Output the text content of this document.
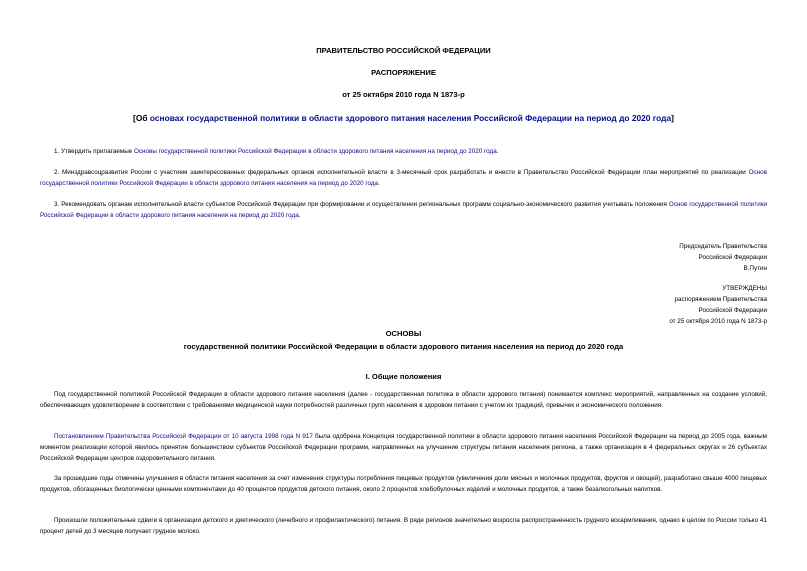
ПРАВИТЕЛЬСТВО РОССИЙСКОЙ ФЕДЕРАЦИИ
РАСПОРЯЖЕНИЕ
от 25 октября 2010 года N 1873-р
[Об основах государственной политики в области здорового питания населения Российской Федерации на период до 2020 года]
1. Утвердить прилагаемые Основы государственной политики Российской Федерации в области здорового питания населения на период до 2020 года.
2. Минздравсоцразвития России с участием заинтересованных федеральных органов исполнительной власти в 3-месячный срок разработать и внести в Правительство Российской Федерации план мероприятий по реализации Основ государственной политики Российской Федерации в области здорового питания населения на период до 2020 года.
3. Рекомендовать органам исполнительной власти субъектов Российской Федерации при формировании и осуществлении региональных программ социально-экономического развития учитывать положения Основ государственной политики Российской Федерации в области здорового питания населения на период до 2020 года.
Председатель Правительства
Российской Федерации
В.Путин
УТВЕРЖДЕНЫ
распоряжением Правительства
Российской Федерации
от 25 октября 2010 года N 1873-р
ОСНОВЫ
государственной политики Российской Федерации в области здорового питания населения на период до 2020 года
I. Общие положения
Под государственной политикой Российской Федерации в области здорового питания населения (далее - государственная политика в области здорового питания) понимается комплекс мероприятий, направленных на создание условий, обеспечивающих удовлетворение в соответствии с требованиями медицинской науки потребностей различных групп населения в здоровом питании с учетом их традиций, привычек и экономического положения.
Постановлением Правительства Российской Федерации от 10 августа 1998 года N 917 была одобрена Концепция государственной политики в области здорового питания населения Российской Федерации на период до 2005 года, важным моментом реализации которой явилось принятие большинством субъектов Российской Федерации программ, направленных на улучшение структуры питания населения региона, а также организация в 4 федеральных округах и 26 субъектах Российской Федерации центров оздоровительного питания.
За прошедшие годы отмечены улучшения в области питания населения за счет изменения структуры потребления пищевых продуктов (увеличения доли мясных и молочных продуктов, фруктов и овощей), разработано свыше 4000 пищевых продуктов, обогащенных биологически ценными компонентами до 40 процентов продуктов детского питания, около 2 процентов хлебобулочных изделий и молочных продуктов, а также безалкогольных напитков.
Произошли положительные сдвиги в организации детского и диетического (лечебного и профилактического) питания. В ряде регионов значительно возросла распространенность грудного вскармливания, однако в целом по России только 41 процент детей до 3 месяцев получает грудное молоко.
